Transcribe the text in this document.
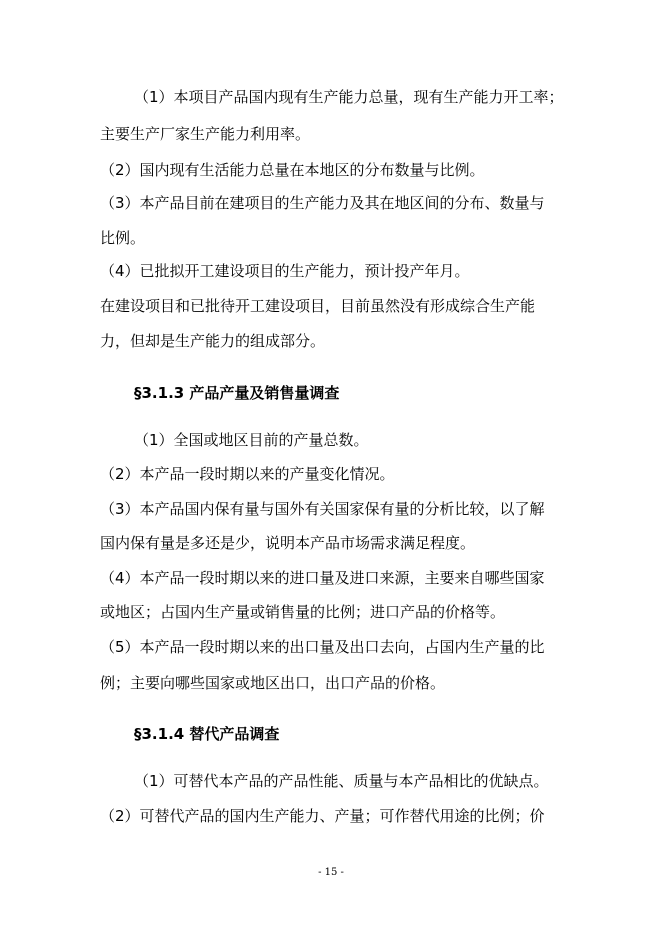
（1）本项目产品国内现有生产能力总量，现有生产能力开工率；
主要生产厂家生产能力利用率。
（2）国内现有生活能力总量在本地区的分布数量与比例。
（3）本产品目前在建项目的生产能力及其在地区间的分布、数量与
比例。
（4）已批拟开工建设项目的生产能力，预计投产年月。
在建设项目和已批待开工建设项目，目前虽然没有形成综合生产能
力，但却是生产能力的组成部分。
§3.1.3 产品产量及销售量调查
（1）全国或地区目前的产量总数。
（2）本产品一段时期以来的产量变化情况。
（3）本产品国内保有量与国外有关国家保有量的分析比较，以了解
国内保有量是多还是少，说明本产品市场需求满足程度。
（4）本产品一段时期以来的进口量及进口来源，主要来自哪些国家
或地区；占国内生产量或销售量的比例；进口产品的价格等。
（5）本产品一段时期以来的出口量及出口去向，占国内生产量的比
例；主要向哪些国家或地区出口，出口产品的价格。
§3.1.4 替代产品调查
（1）可替代本产品的产品性能、质量与本产品相比的优缺点。
（2）可替代产品的国内生产能力、产量；可作替代用途的比例；价
- 15 -
